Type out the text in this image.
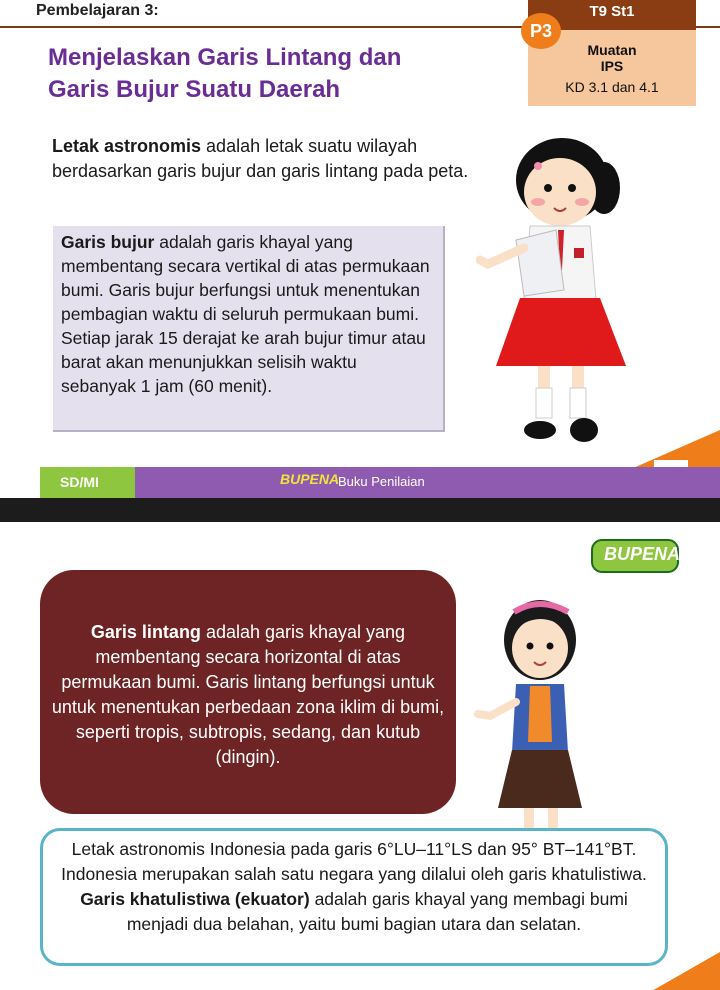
Pembelajaran 3:	T9 St1
Muatan
IPS
KD 3.1 dan 4.1
P3
Menjelaskan Garis Lintang dan
Garis Bujur Suatu Daerah
Letak astronomis adalah letak suatu wilayah berdasarkan garis bujur dan garis lintang pada peta.
Garis bujur adalah garis khayal yang membentang secara vertikal di atas permukaan bumi. Garis bujur berfungsi untuk menentukan pembagian waktu di seluruh permukaan bumi. Setiap jarak 15 derajat ke arah bujur timur atau barat akan menunjukkan selisih waktu sebanyak 1 jam (60 menit).
SD/MI	BUPENA
Buku Penilaian
BUPENA
Garis lintang adalah garis khayal yang membentang secara horizontal di atas permukaan bumi. Garis lintang berfungsi untuk untuk menentukan perbedaan zona iklim di bumi, seperti tropis, subtropis, sedang, dan kutub (dingin).
Letak astronomis Indonesia pada garis 6°LU–11°LS dan 95° BT–141°BT. Indonesia merupakan salah satu negara yang dilalui oleh garis khatulistiwa. Garis khatulistiwa (ekuator) adalah garis khayal yang membagi bumi menjadi dua belahan, yaitu bumi bagian utara dan selatan.
